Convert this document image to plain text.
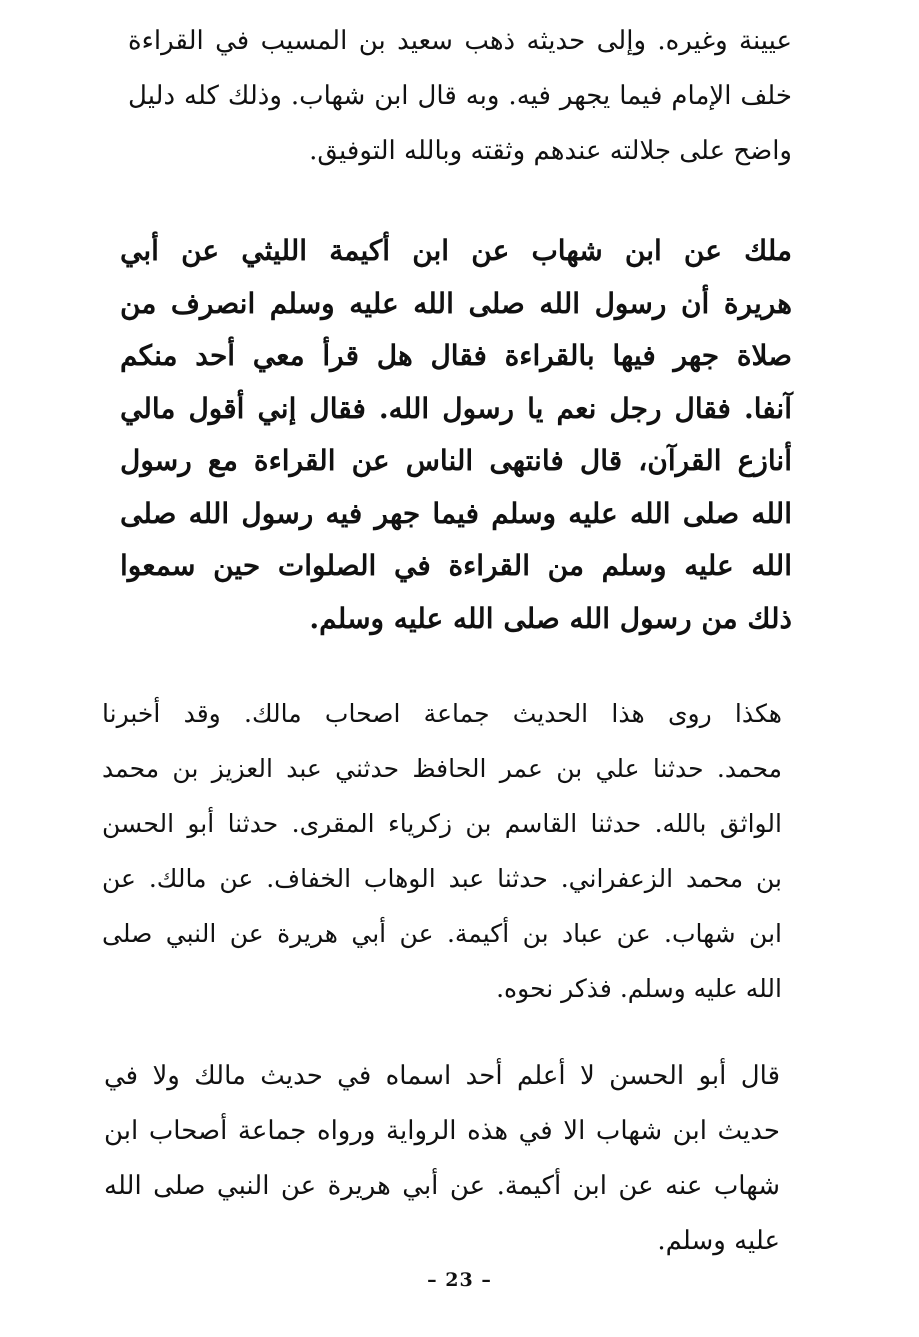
عيينة وغيره. وإلى حديثه ذهب سعيد بن المسيب في القراءة
خلف الإمام فيما يجهر فيه. وبه قال ابن شهاب. وذلك كله دليل
واضح على جلالته عندهم وثقته وبالله التوفيق.
ملك عن ابن شهاب عن ابن أكيمة الليثي عن أبي
هريرة أن رسول الله صلى الله عليه وسلم انصرف من
صلاة جهر فيها بالقراءة فقال هل قرأ معي أحد منكم
آنفا. فقال رجل نعم يا رسول الله. فقال إني أقول مالي
أنازع القرآن، قال فانتهى الناس عن القراءة مع رسول
الله صلى الله عليه وسلم فيما جهر فيه رسول الله صلى
الله عليه وسلم من القراءة في الصلوات حين سمعوا
ذلك من رسول الله صلى الله عليه وسلم.
هكذا روى هذا الحديث جماعة اصحاب مالك. وقد أخبرنا
محمد. حدثنا علي بن عمر الحافظ حدثني عبد العزيز بن محمد
الواثق بالله. حدثنا القاسم بن زكرياء المقرى. حدثنا أبو الحسن
بن محمد الزعفراني. حدثنا عبد الوهاب الخفاف. عن مالك. عن
ابن شهاب. عن عباد بن أكيمة. عن أبي هريرة عن النبي صلى
الله عليه وسلم. فذكر نحوه.
قال أبو الحسن لا أعلم أحد اسماه في حديث مالك ولا في
حديث ابن شهاب الا في هذه الرواية ورواه جماعة أصحاب ابن
شهاب عنه عن ابن أكيمة. عن أبي هريرة عن النبي صلى الله
عليه وسلم.
– 23 –
